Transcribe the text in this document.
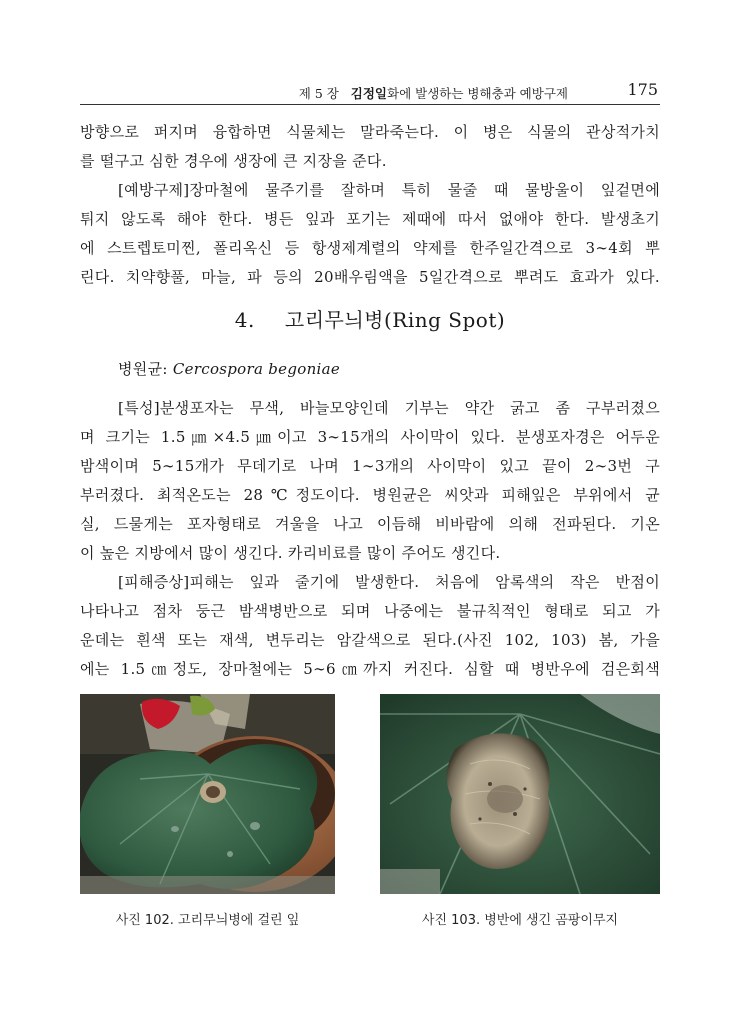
제 5 장 김정일화에 발생하는 병해충과 예방구제	175

방향으로 퍼지며 융합하면 식물체는 말라죽는다. 이 병은 식물의 관상적가치

를 떨구고 심한 경우에 생장에 큰 지장을 준다.

[예방구제]장마철에 물주기를 잘하며 특히 물줄 때 물방울이 잎겉면에

튀지 않도록 해야 한다. 병든 잎과 포기는 제때에 따서 없애야 한다. 발생초기

에 스트렙토미찐, 폴리옥신 등 항생제계렬의 약제를 한주일간격으로 3∼4회 뿌

린다. 치약향풀, 마늘, 파 등의 20배우림액을 5일간격으로 뿌려도 효과가 있다.

4. 고리무늬병(Ring Spot)

병원균: Cercospora begoniae

[특성]분생포자는 무색, 바늘모양인데 기부는 약간 굵고 좀 구부러졌으

며 크기는 1.5㎛×4.5㎛이고 3∼15개의 사이막이 있다. 분생포자경은 어두운

밤색이며 5∼15개가 무데기로 나며 1∼3개의 사이막이 있고 끝이 2∼3번 구

부러졌다. 최적온도는 28℃정도이다. 병원균은 씨앗과 피해잎은 부위에서 균

실, 드물게는 포자형태로 겨울을 나고 이듬해 비바람에 의해 전파된다. 기온

이 높은 지방에서 많이 생긴다. 카리비료를 많이 주어도 생긴다.

[피해증상]피해는 잎과 줄기에 발생한다. 처음에 암록색의 작은 반점이

나타나고 점차 둥근 밤색병반으로 되며 나중에는 불규칙적인 형태로 되고 가

운데는 흰색 또는 재색, 변두리는 암갈색으로 된다.(사진 102, 103) 봄, 가을

에는 1.5㎝정도, 장마철에는 5∼6㎝까지 커진다. 심할 때 병반우에 검은회색

사진 102. 고리무늬병에 걸린 잎	사진 103. 병반에 생긴 곰팡이무지
